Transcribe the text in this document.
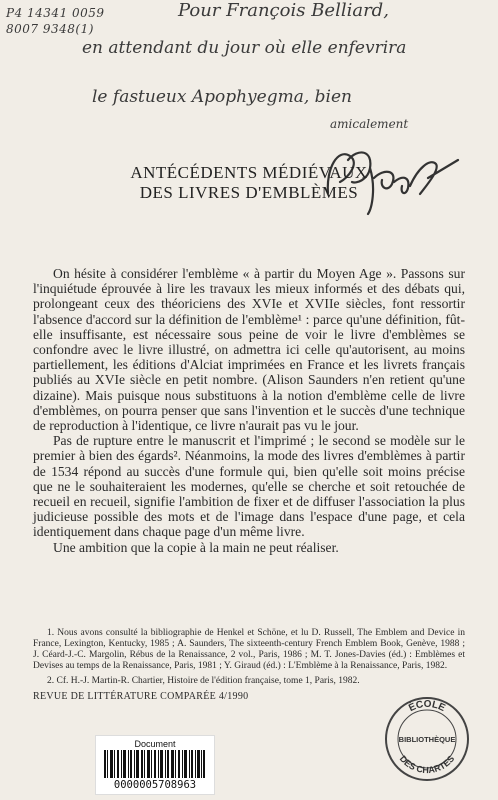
P4 14341 0059
8007 9348(1)
Pour François Belliard,
en attendant du jour où elle enfevrira
le fastueux Apophyegma, bien
amicalement
ANTÉCÉDENTS MÉDIÉVAUX
DES LIVRES D'EMBLÈMES

On hésite à considérer l'emblème « à partir du Moyen Age ». Passons sur l'inquiétude éprouvée à lire les travaux les mieux informés et des débats qui, prolongeant ceux des théoriciens des XVIe et XVIIe siècles, font ressortir l'absence d'accord sur la définition de l'emblème¹ : parce qu'une définition, fût-elle insuffisante, est nécessaire sous peine de voir le livre d'emblèmes se confondre avec le livre illustré, on admettra ici celle qu'autorisent, au moins partiellement, les éditions d'Alciat imprimées en France et les livrets français publiés au XVIe siècle en petit nombre. (Alison Saunders n'en retient qu'une dizaine). Mais puisque nous substituons à la notion d'emblème celle de livre d'emblèmes, on pourra penser que sans l'invention et le succès d'une technique de reproduction à l'identique, ce livre n'aurait pas vu le jour.

Pas de rupture entre le manuscrit et l'imprimé ; le second se modèle sur le premier à bien des égards². Néanmoins, la mode des livres d'emblèmes à partir de 1534 répond au succès d'une formule qui, bien qu'elle soit moins précise que ne le souhaiteraient les modernes, qu'elle se cherche et soit retouchée de recueil en recueil, signifie l'ambition de fixer et de diffuser l'association la plus judicieuse possible des mots et de l'image dans l'espace d'une page, et cela identiquement dans chaque page d'un même livre.

Une ambition que la copie à la main ne peut réaliser.

1. Nous avons consulté la bibliographie de Henkel et Schöne, et lu D. Russell, The Emblem and Device in France, Lexington, Kentucky, 1985 ; A. Saunders, The sixteenth-century French Emblem Book, Genève, 1988 ; J. Céard-J.-C. Margolin, Rébus de la Renaissance, 2 vol., Paris, 1986 ; M. T. Jones-Davies (éd.) : Emblèmes et Devises au temps de la Renaissance, Paris, 1981 ; Y. Giraud (éd.) : L'Emblème à la Renaissance, Paris, 1982.

2. Cf. H.-J. Martin-R. Chartier, Histoire de l'édition française, tome 1, Paris, 1982.

REVUE DE LITTÉRATURE COMPARÉE 4/1990
Document
0000005708963
ÉCOLE
BIBLIOTHÈQUE
DES CHARTES
